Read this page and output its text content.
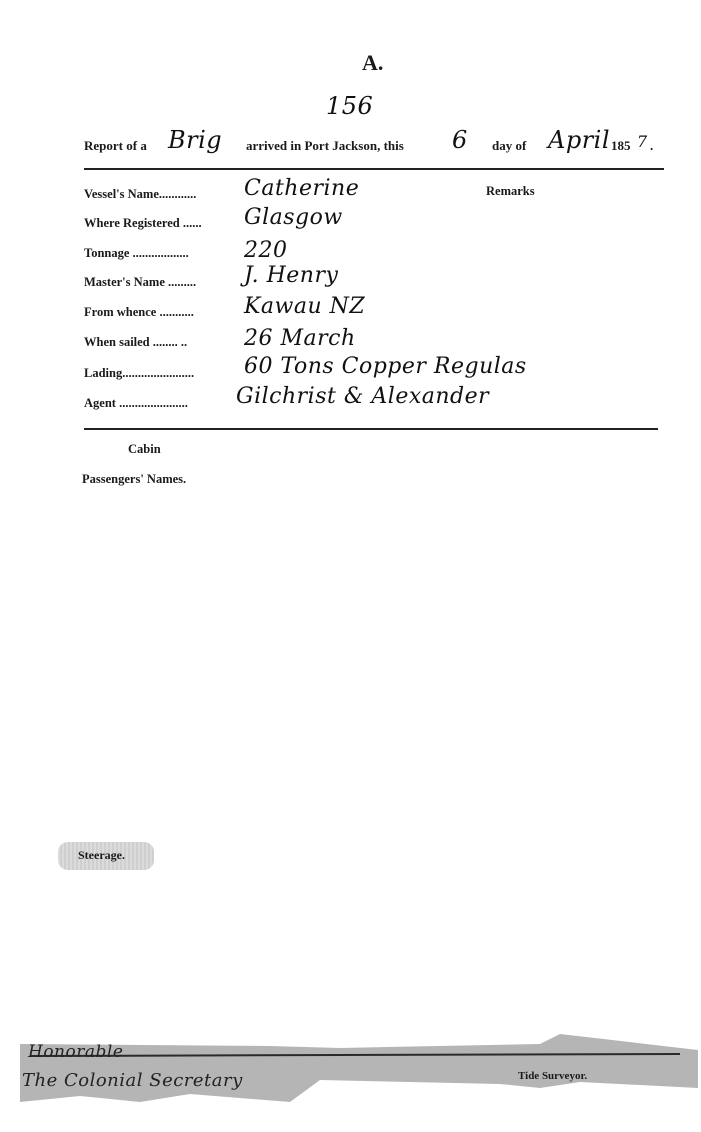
A.
156
Report of a Brig arrived in Port Jackson, this 6 day of April 185 7 .
Remarks
Vessel's Name............ Catherine
Where Registered ...... Glasgow
Tonnage ..................	220
Master's Name ......... J. Henry
From whence ........... Kawau NZ
When sailed ........ ..	26 March
Lading....................... 60 Tons Copper Regulas
Agent ...................... Gilchrist & Alexander
Cabin
Passengers' Names.
Steerage.
Honorable
The Colonial Secretary	Tide Surveyor.
